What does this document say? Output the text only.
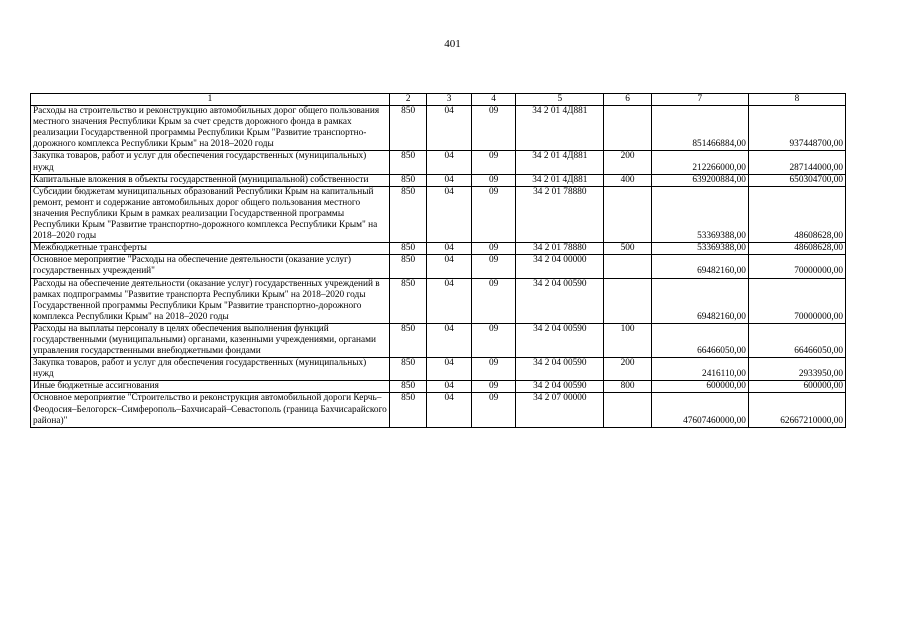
401
1	2	3	4	5	6	7	8
Расходы на строительство и реконструкцию автомобильных дорог общего пользования местного значения Республики Крым за счет средств дорожного фонда в рамках реализации Государственной программы Республики Крым "Развитие транспортно-дорожного комплекса Республики Крым" на 2018–2020 годы	850	04	09	34 2 01 4Д881		851466884,00	937448700,00
Закупка товаров, работ и услуг для обеспечения государственных (муниципальных) нужд	850	04	09	34 2 01 4Д881	200	212266000,00	287144000,00
Капитальные вложения в объекты государственной (муниципальной) собственности	850	04	09	34 2 01 4Д881	400	639200884,00	650304700,00
Субсидии бюджетам муниципальных образований Республики Крым на капитальный ремонт, ремонт и содержание автомобильных дорог общего пользования местного значения Республики Крым в рамках реализации Государственной программы Республики Крым "Развитие транспортно-дорожного комплекса Республики Крым" на 2018–2020 годы	850	04	09	34 2 01 78880		53369388,00	48608628,00
Межбюджетные трансферты	850	04	09	34 2 01 78880	500	53369388,00	48608628,00
Основное мероприятие "Расходы на обеспечение деятельности (оказание услуг) государственных учреждений"	850	04	09	34 2 04 00000		69482160,00	70000000,00
Расходы на обеспечение деятельности (оказание услуг) государственных учреждений в рамках подпрограммы "Развитие транспорта Республики Крым" на 2018–2020 годы Государственной программы Республики Крым "Развитие транспортно-дорожного комплекса Республики Крым" на 2018–2020 годы	850	04	09	34 2 04 00590		69482160,00	70000000,00
Расходы на выплаты персоналу в целях обеспечения выполнения функций государственными (муниципальными) органами, казенными учреждениями, органами управления государственными внебюджетными фондами	850	04	09	34 2 04 00590	100	66466050,00	66466050,00
Закупка товаров, работ и услуг для обеспечения государственных (муниципальных) нужд	850	04	09	34 2 04 00590	200	2416110,00	2933950,00
Иные бюджетные ассигнования	850	04	09	34 2 04 00590	800	600000,00	600000,00
Основное мероприятие "Строительство и реконструкция автомобильной дороги Керчь–Феодосия–Белогорск–Симферополь–Бахчисарай–Севастополь (граница Бахчисарайского района)"	850	04	09	34 2 07 00000		47607460000,00	62667210000,00
